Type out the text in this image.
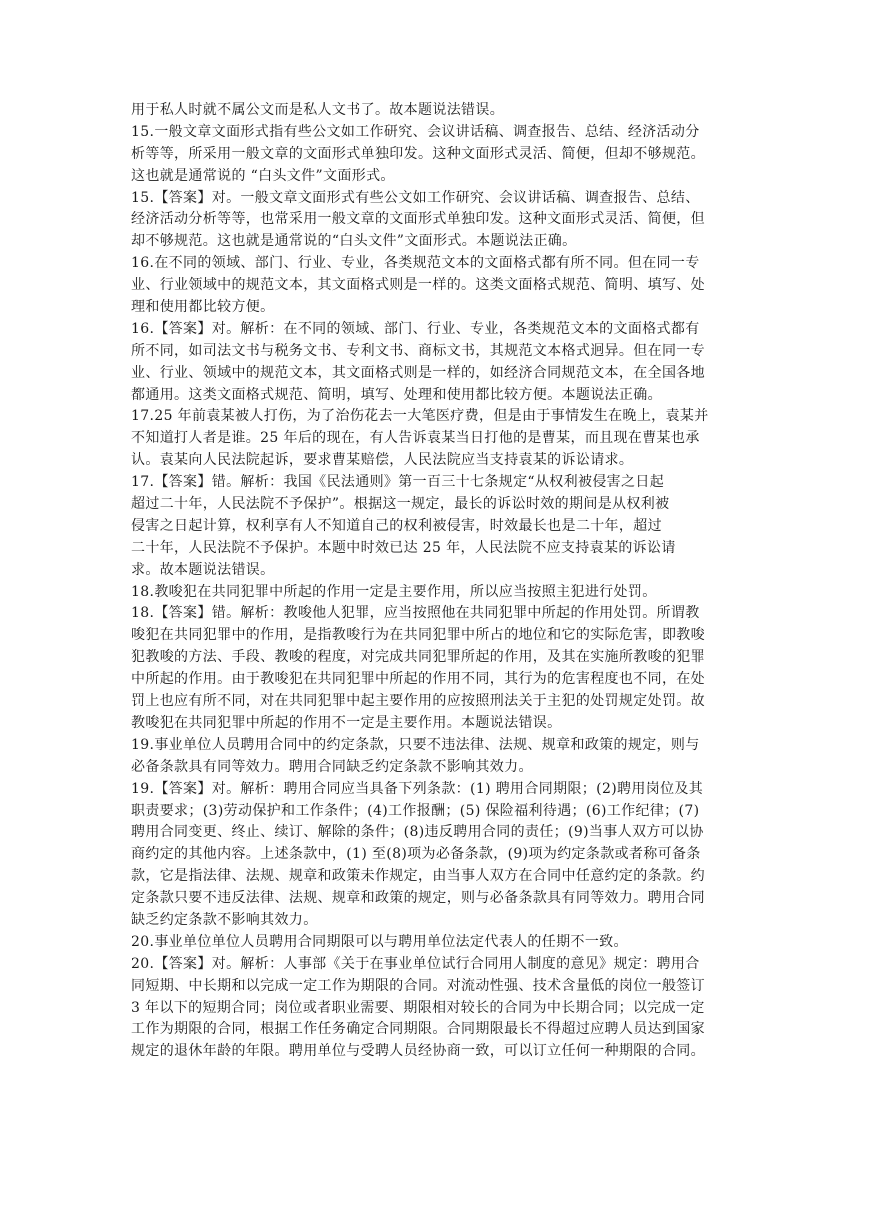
用于私人时就不属公文而是私人文书了。故本题说法错误。
15.一般文章文面形式指有些公文如工作研究、会议讲话稿、调查报告、总结、经济活动分
析等等，所采用一般文章的文面形式单独印发。这种文面形式灵活、简便，但却不够规范。
这也就是通常说的 “白头文件”文面形式。
15.【答案】对。一般文章文面形式有些公文如工作研究、会议讲话稿、调查报告、总结、
经济活动分析等等，也常采用一般文章的文面形式单独印发。这种文面形式灵活、简便，但
却不够规范。这也就是通常说的“白头文件”文面形式。本题说法正确。
16.在不同的领域、部门、行业、专业，各类规范文本的文面格式都有所不同。但在同一专
业、行业领域中的规范文本，其文面格式则是一样的。这类文面格式规范、简明、填写、处
理和使用都比较方便。
16.【答案】对。解析：在不同的领域、部门、行业、专业，各类规范文本的文面格式都有
所不同，如司法文书与税务文书、专利文书、商标文书，其规范文本格式迥异。但在同一专
业、行业、领域中的规范文本，其文面格式则是一样的，如经济合同规范文本，在全国各地
都通用。这类文面格式规范、简明，填写、处理和使用都比较方便。本题说法正确。
17.25 年前袁某被人打伤，为了治伤花去一大笔医疗费，但是由于事情发生在晚上，袁某并
不知道打人者是谁。25 年后的现在，有人告诉袁某当日打他的是曹某，而且现在曹某也承
认。袁某向人民法院起诉，要求曹某赔偿，人民法院应当支持袁某的诉讼请求。
17.【答案】错。解析：我国《民法通则》第一百三十七条规定“从权利被侵害之日起
超过二十年，人民法院不予保护”。根据这一规定，最长的诉讼时效的期间是从权利被
侵害之日起计算，权利享有人不知道自己的权利被侵害，时效最长也是二十年，超过
二十年，人民法院不予保护。本题中时效已达 25 年，人民法院不应支持袁某的诉讼请
求。故本题说法错误。
18.教唆犯在共同犯罪中所起的作用一定是主要作用，所以应当按照主犯进行处罚。
18.【答案】错。解析：教唆他人犯罪，应当按照他在共同犯罪中所起的作用处罚。所谓教
唆犯在共同犯罪中的作用，是指教唆行为在共同犯罪中所占的地位和它的实际危害，即教唆
犯教唆的方法、手段、教唆的程度，对完成共同犯罪所起的作用，及其在实施所教唆的犯罪
中所起的作用。由于教唆犯在共同犯罪中所起的作用不同，其行为的危害程度也不同，在处
罚上也应有所不同，对在共同犯罪中起主要作用的应按照刑法关于主犯的处罚规定处罚。故
教唆犯在共同犯罪中所起的作用不一定是主要作用。本题说法错误。
19.事业单位人员聘用合同中的约定条款，只要不违法律、法规、规章和政策的规定，则与
必备条款具有同等效力。聘用合同缺乏约定条款不影响其效力。
19.【答案】对。解析：聘用合同应当具备下列条款：(1) 聘用合同期限；(2)聘用岗位及其
职责要求；(3)劳动保护和工作条件；(4)工作报酬；(5) 保险福利待遇；(6)工作纪律；(7)
聘用合同变更、终止、续订、解除的条件；(8)违反聘用合同的责任；(9)当事人双方可以协
商约定的其他内容。上述条款中，(1) 至(8)项为必备条款，(9)项为约定条款或者称可备条
款，它是指法律、法规、规章和政策未作规定，由当事人双方在合同中任意约定的条款。约
定条款只要不违反法律、法规、规章和政策的规定，则与必备条款具有同等效力。聘用合同
缺乏约定条款不影响其效力。
20.事业单位单位人员聘用合同期限可以与聘用单位法定代表人的任期不一致。
20.【答案】对。解析：人事部《关于在事业单位试行合同用人制度的意见》规定：聘用合
同短期、中长期和以完成一定工作为期限的合同。对流动性强、技术含量低的岗位一般签订
3 年以下的短期合同；岗位或者职业需要、期限相对较长的合同为中长期合同；以完成一定
工作为期限的合同，根据工作任务确定合同期限。合同期限最长不得超过应聘人员达到国家
规定的退休年龄的年限。聘用单位与受聘人员经协商一致，可以订立任何一种期限的合同。
